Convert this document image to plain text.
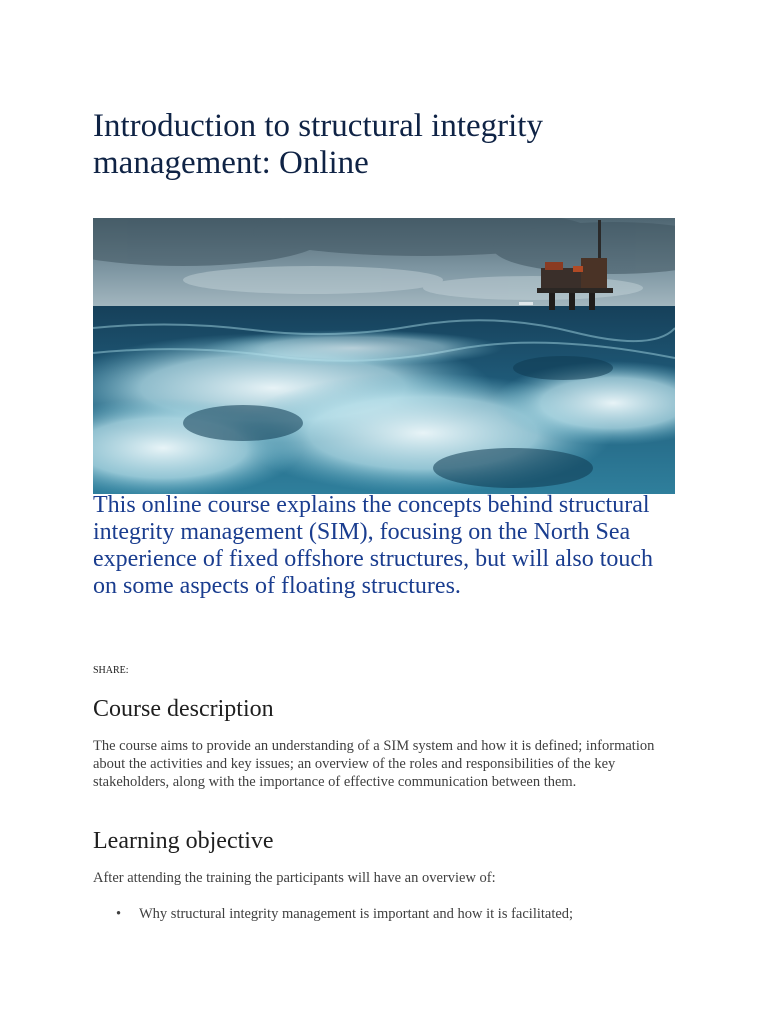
Introduction to structural integrity management: Online

This online course explains the concepts behind structural integrity management (SIM), focusing on the North Sea experience of fixed offshore structures, but will also touch on some aspects of floating structures.

SHARE:

Course description

The course aims to provide an understanding of a SIM system and how it is defined; information about the activities and key issues; an overview of the roles and responsibilities of the key stakeholders, along with the importance of effective communication between them.

Learning objective

After attending the training the participants will have an overview of:

• Why structural integrity management is important and how it is facilitated;
